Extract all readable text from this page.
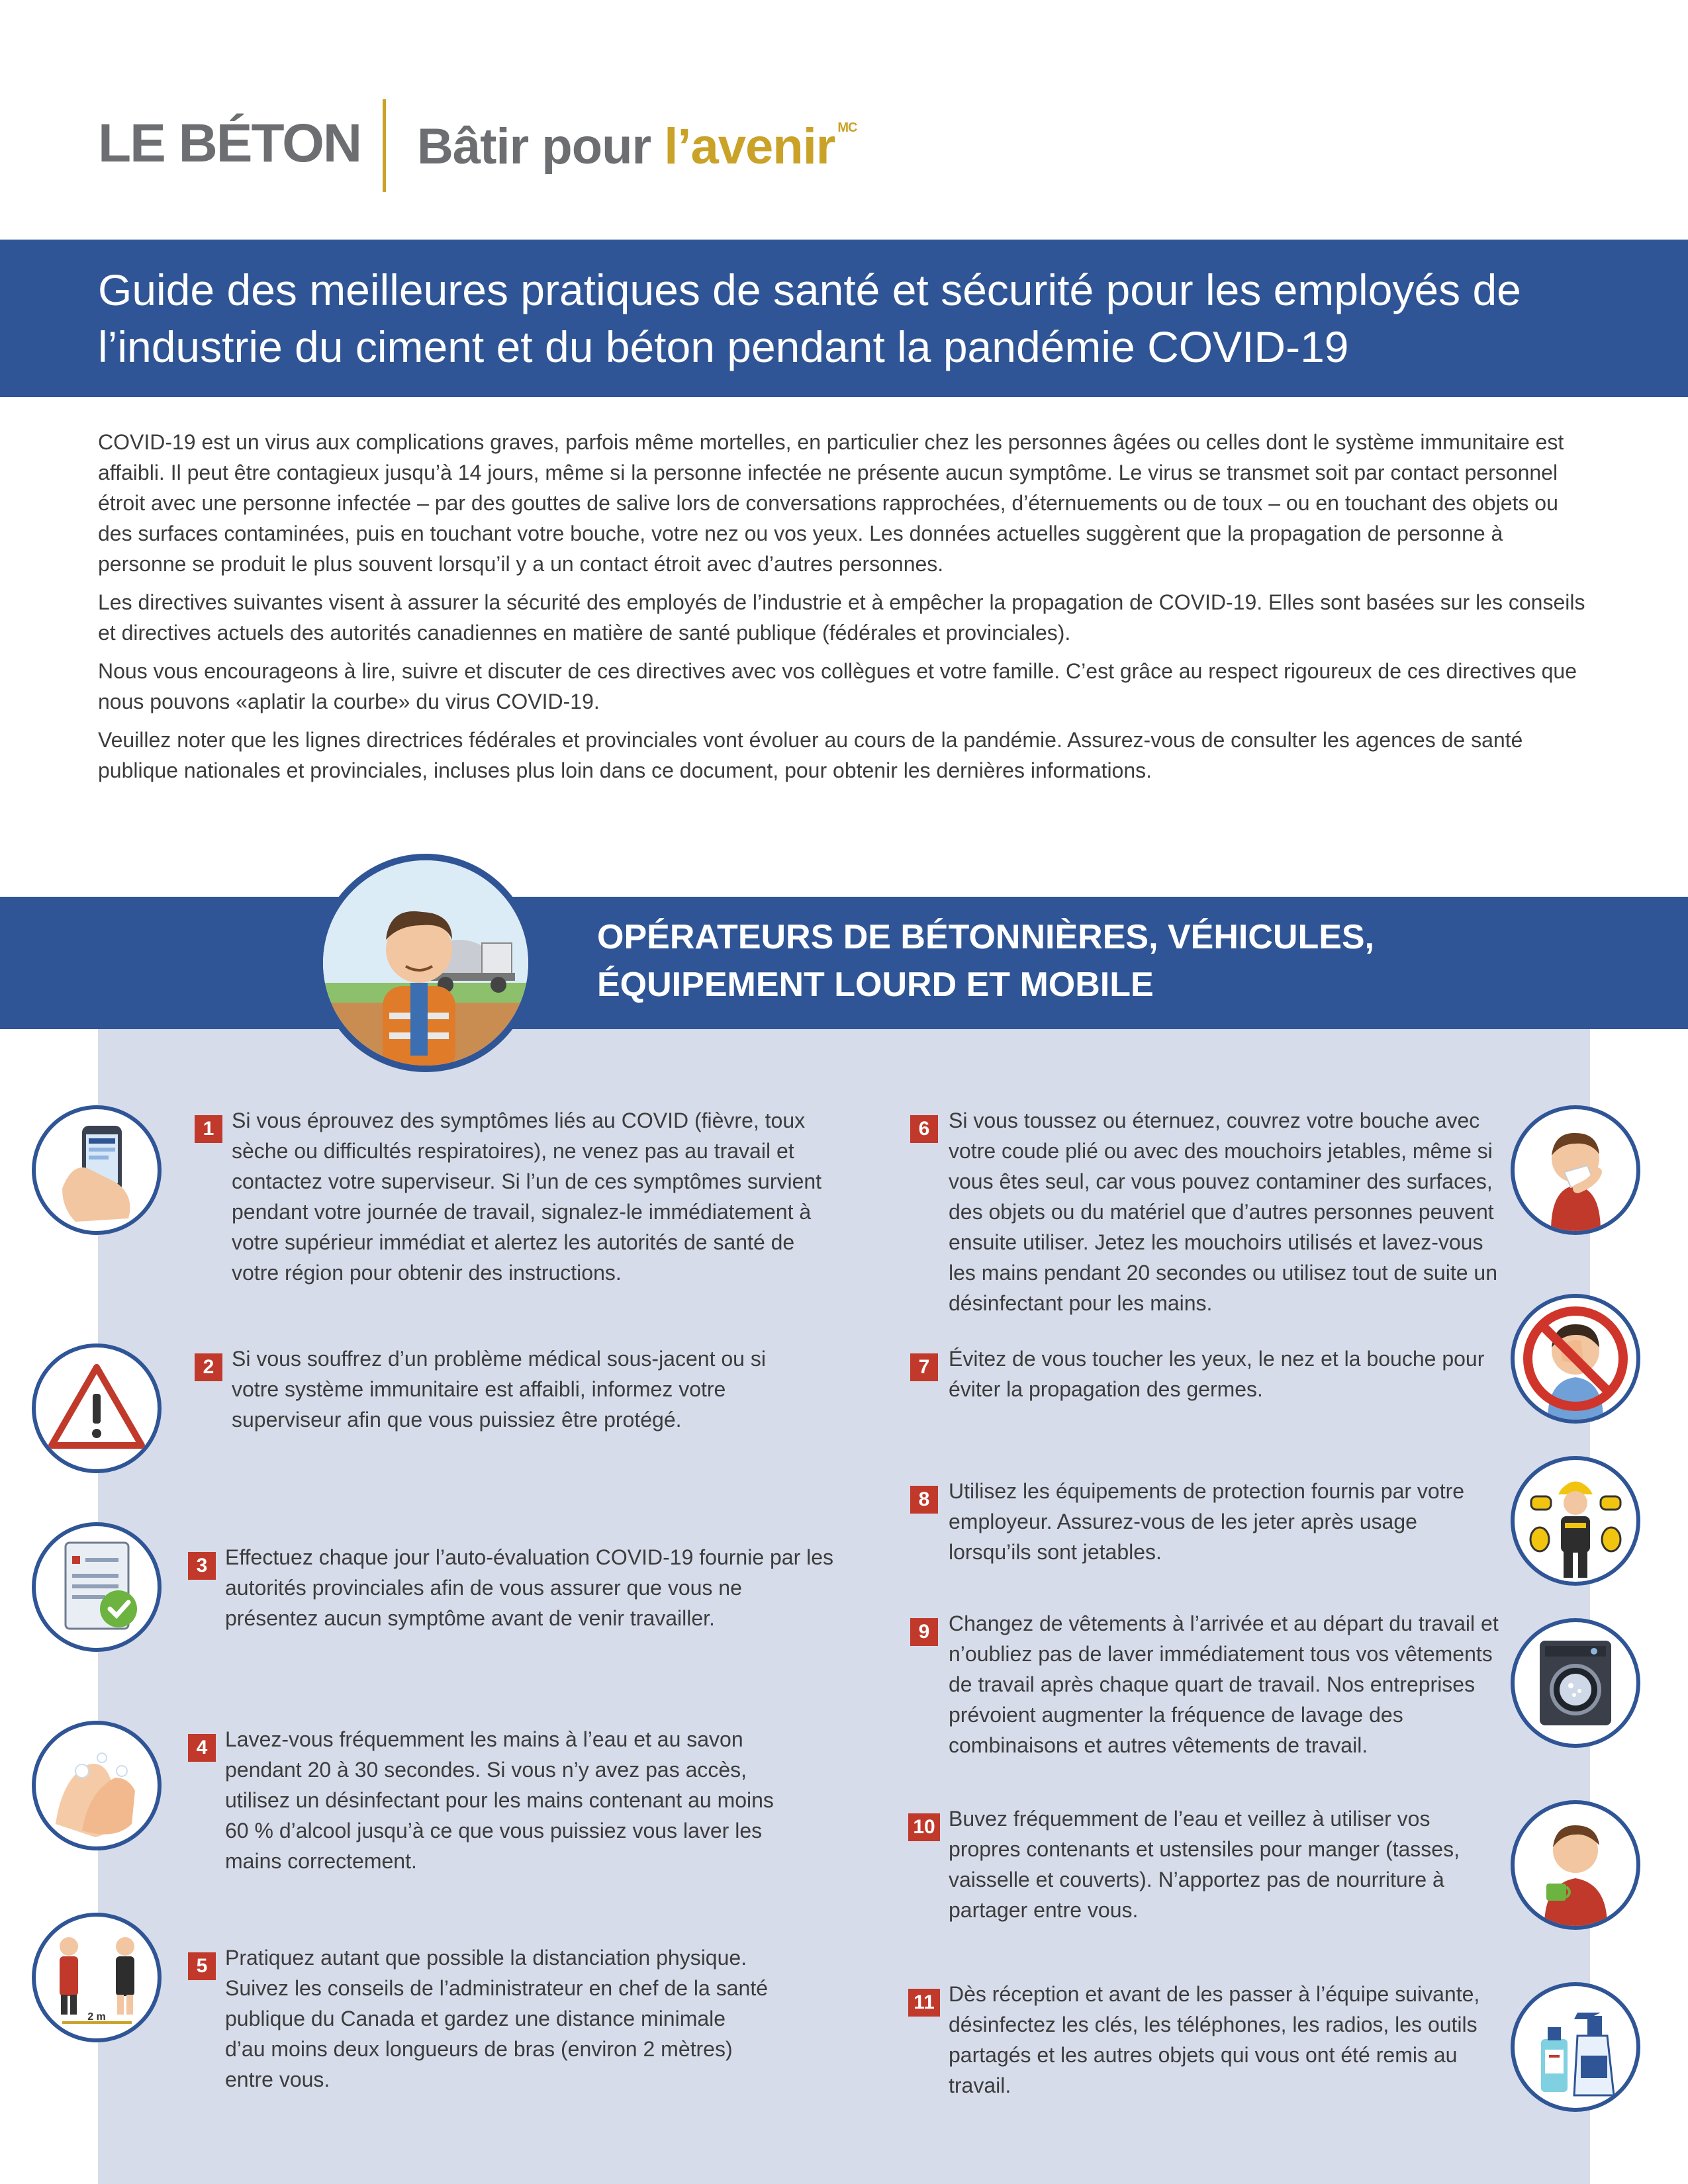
LE BÉTON Bâtir pour l’avenir $^{MC}$
Guide des meilleures pratiques de santé et sécurité pour les employés de l’industrie du ciment et du béton pendant la pandémie COVID-19

COVID-19 est un virus aux complications graves, parfois même mortelles, en particulier chez les personnes âgées ou celles dont le système immunitaire est affaibli. Il peut être contagieux jusqu’à 14 jours, même si la personne infectée ne présente aucun symptôme. Le virus se transmet soit par contact personnel étroit avec une personne infectée – par des gouttes de salive lors de conversations rapprochées, d’éternuements ou de toux – ou en touchant des objets ou des surfaces contaminées, puis en touchant votre bouche, votre nez ou vos yeux. Les données actuelles suggèrent que la propagation de personne à personne se produit le plus souvent lorsqu’il y a un contact étroit avec d’autres personnes.

Les directives suivantes visent à assurer la sécurité des employés de l’industrie et à empêcher la propagation de COVID-19. Elles sont basées sur les conseils et directives actuels des autorités canadiennes en matière de santé publique (fédérales et provinciales).

Nous vous encourageons à lire, suivre et discuter de ces directives avec vos collègues et votre famille. C’est grâce au respect rigoureux de ces directives que nous pouvons «aplatir la courbe» du virus COVID-19.

Veuillez noter que les lignes directrices fédérales et provinciales vont évoluer au cours de la pandémie. Assurez-vous de consulter les agences de santé publique nationales et provinciales, incluses plus loin dans ce document, pour obtenir les dernières informations.

OPÉRATEURS DE BÉTONNIÈRES, VÉHICULES,
ÉQUIPEMENT LOURD ET MOBILE
1 Si vous éprouvez des symptômes liés au COVID (fièvre, toux sèche ou difficultés respiratoires), ne venez pas au travail et contactez votre superviseur. Si l’un de ces symptômes survient pendant votre journée de travail, signalez-le immédiatement à votre supérieur immédiat et alertez les autorités de santé de votre région pour obtenir des instructions.
2 Si vous souffrez d’un problème médical sous-jacent ou si votre système immunitaire est affaibli, informez votre superviseur afin que vous puissiez être protégé.
3 Effectuez chaque jour l’auto-évaluation COVID-19 fournie par les autorités provinciales afin de vous assurer que vous ne présentez aucun symptôme avant de venir travailler.
4 Lavez-vous fréquemment les mains à l’eau et au savon pendant 20 à 30 secondes. Si vous n’y avez pas accès, utilisez un désinfectant pour les mains contenant au moins 60 % d’alcool jusqu’à ce que vous puissiez vous laver les mains correctement.
5 Pratiquez autant que possible la distanciation physique. Suivez les conseils de l’administrateur en chef de la santé publique du Canada et gardez une distance minimale d’au moins deux longueurs de bras (environ 2 mètres) entre vous.
6 Si vous toussez ou éternuez, couvrez votre bouche avec votre coude plié ou avec des mouchoirs jetables, même si vous êtes seul, car vous pouvez contaminer des surfaces, des objets ou du matériel que d’autres personnes peuvent ensuite utiliser. Jetez les mouchoirs utilisés et lavez-vous les mains pendant 20 secondes ou utilisez tout de suite un désinfectant pour les mains.
7 Évitez de vous toucher les yeux, le nez et la bouche pour éviter la propagation des germes.
8 Utilisez les équipements de protection fournis par votre employeur. Assurez-vous de les jeter après usage lorsqu’ils sont jetables.
9 Changez de vêtements à l’arrivée et au départ du travail et n’oubliez pas de laver immédiatement tous vos vêtements de travail après chaque quart de travail. Nos entreprises prévoient augmenter la fréquence de lavage des combinaisons et autres vêtements de travail.
10 Buvez fréquemment de l’eau et veillez à utiliser vos propres contenants et ustensiles pour manger (tasses, vaisselle et couverts). N’apportez pas de nourriture à partager entre vous.
11 Dès réception et avant de les passer à l’équipe suivante, désinfectez les clés, les téléphones, les radios, les outils partagés et les autres objets qui vous ont été remis au travail.
2 m
